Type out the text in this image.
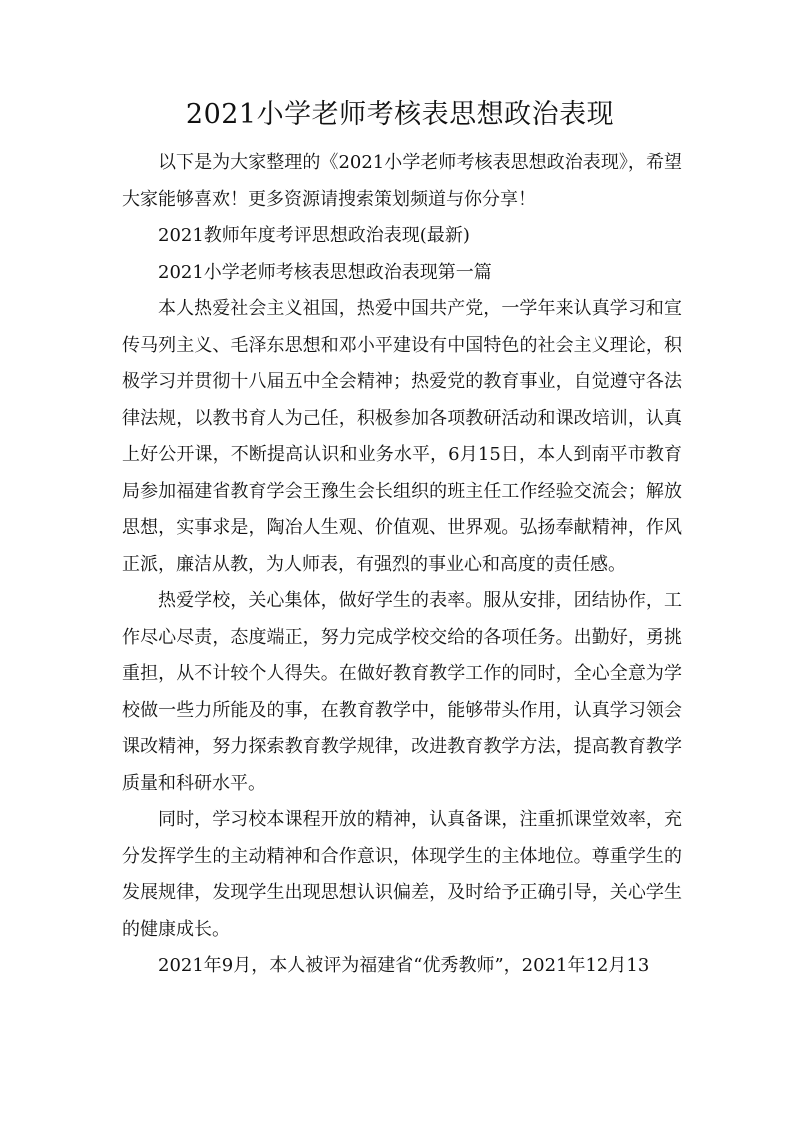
2021小学老师考核表思想政治表现

以下是为大家整理的《2021小学老师考核表思想政治表现》，希望大家能够喜欢！更多资源请搜索策划频道与你分享！

2021教师年度考评思想政治表现(最新)

2021小学老师考核表思想政治表现第一篇

本人热爱社会主义祖国，热爱中国共产党，一学年来认真学习和宣传马列主义、毛泽东思想和邓小平建设有中国特色的社会主义理论，积极学习并贯彻十八届五中全会精神；热爱党的教育事业，自觉遵守各法律法规，以教书育人为己任，积极参加各项教研活动和课改培训，认真上好公开课，不断提高认识和业务水平，6月15日，本人到南平市教育局参加福建省教育学会王豫生会长组织的班主任工作经验交流会；解放思想，实事求是，陶冶人生观、价值观、世界观。弘扬奉献精神，作风正派，廉洁从教，为人师表，有强烈的事业心和高度的责任感。

热爱学校，关心集体，做好学生的表率。服从安排，团结协作，工作尽心尽责，态度端正，努力完成学校交给的各项任务。出勤好，勇挑重担，从不计较个人得失。在做好教育教学工作的同时，全心全意为学校做一些力所能及的事，在教育教学中，能够带头作用，认真学习领会课改精神，努力探索教育教学规律，改进教育教学方法，提高教育教学质量和科研水平。

同时，学习校本课程开放的精神，认真备课，注重抓课堂效率，充分发挥学生的主动精神和合作意识，体现学生的主体地位。尊重学生的发展规律，发现学生出现思想认识偏差，及时给予正确引导，关心学生的健康成长。

2021年9月，本人被评为福建省“优秀教师”，2021年12月13
